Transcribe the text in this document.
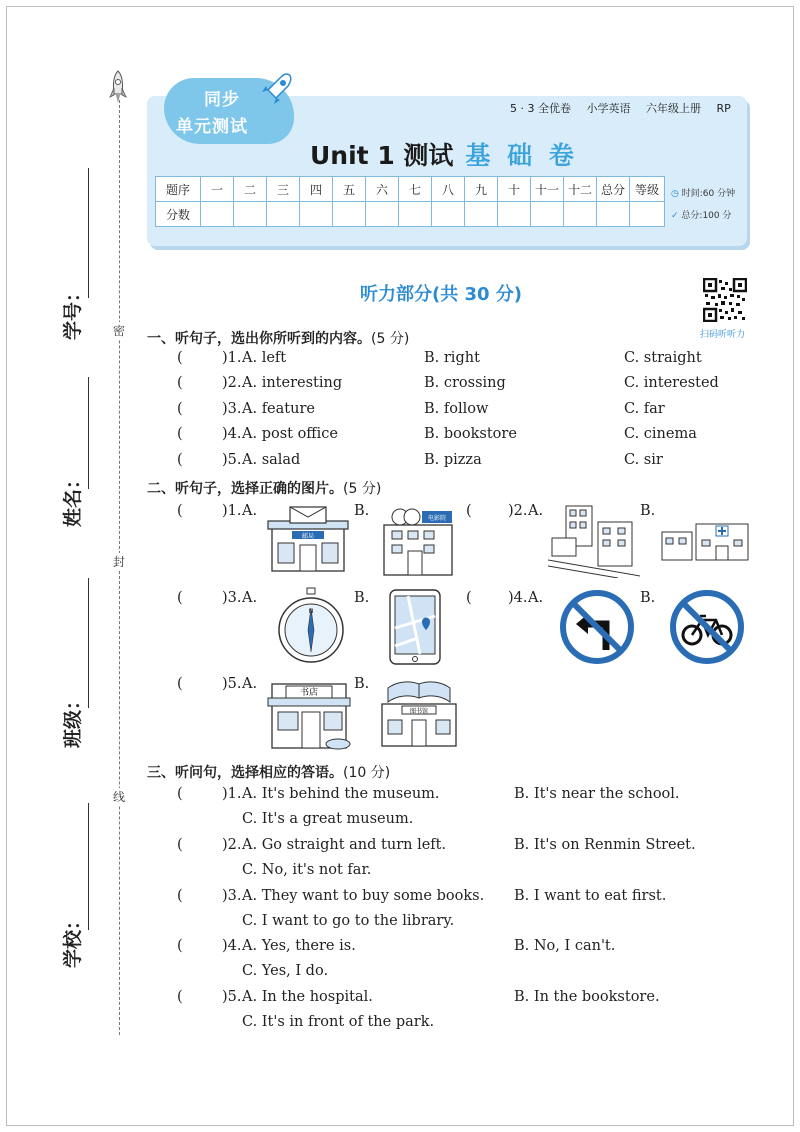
密
封
线
学号：
姓名：
班级：
学校：
同步
单元测试
5 · 3 全优卷 小学英语 六年级上册 RP
Unit 1 测试 基 础 卷
题序	一	二	三	四	五	六	七	八	九	十	十一	十二	总分	等级
分数														
◷ 时间:60 分钟
✓ 总分:100 分
听力部分(共 30 分)
扫码听听力
一、听句子，选出你所听到的内容。(5 分)
( )1. A. left	B. right	C. straight
( )2. A. interesting	B. crossing	C. interested
( )3. A. feature	B. follow	C. far
( )4. A. post office	B. bookstore	C. cinema
( )5. A. salad	B. pizza	C. sir
二、听句子，选择正确的图片。(5 分)
( )1. A.
邮局
B.	电影院 ( )2. A.	B.
( )3. A.
N
B.	( )4. A.	B.
( )5. A.
书店
B.
图书馆
三、听问句，选择相应的答语。(10 分)
( )1. A. It's behind the museum.	B. It's near the school.
C. It's a great museum.
( )2. A. Go straight and turn left.	B. It's on Renmin Street.
C. No, it's not far.
( )3. A. They want to buy some books. B. I want to eat first.
C. I want to go to the library.
( )4. A. Yes, there is.	B. No, I can't.
C. Yes, I do.
( )5. A. In the hospital.	B. In the bookstore.
C. It's in front of the park.
